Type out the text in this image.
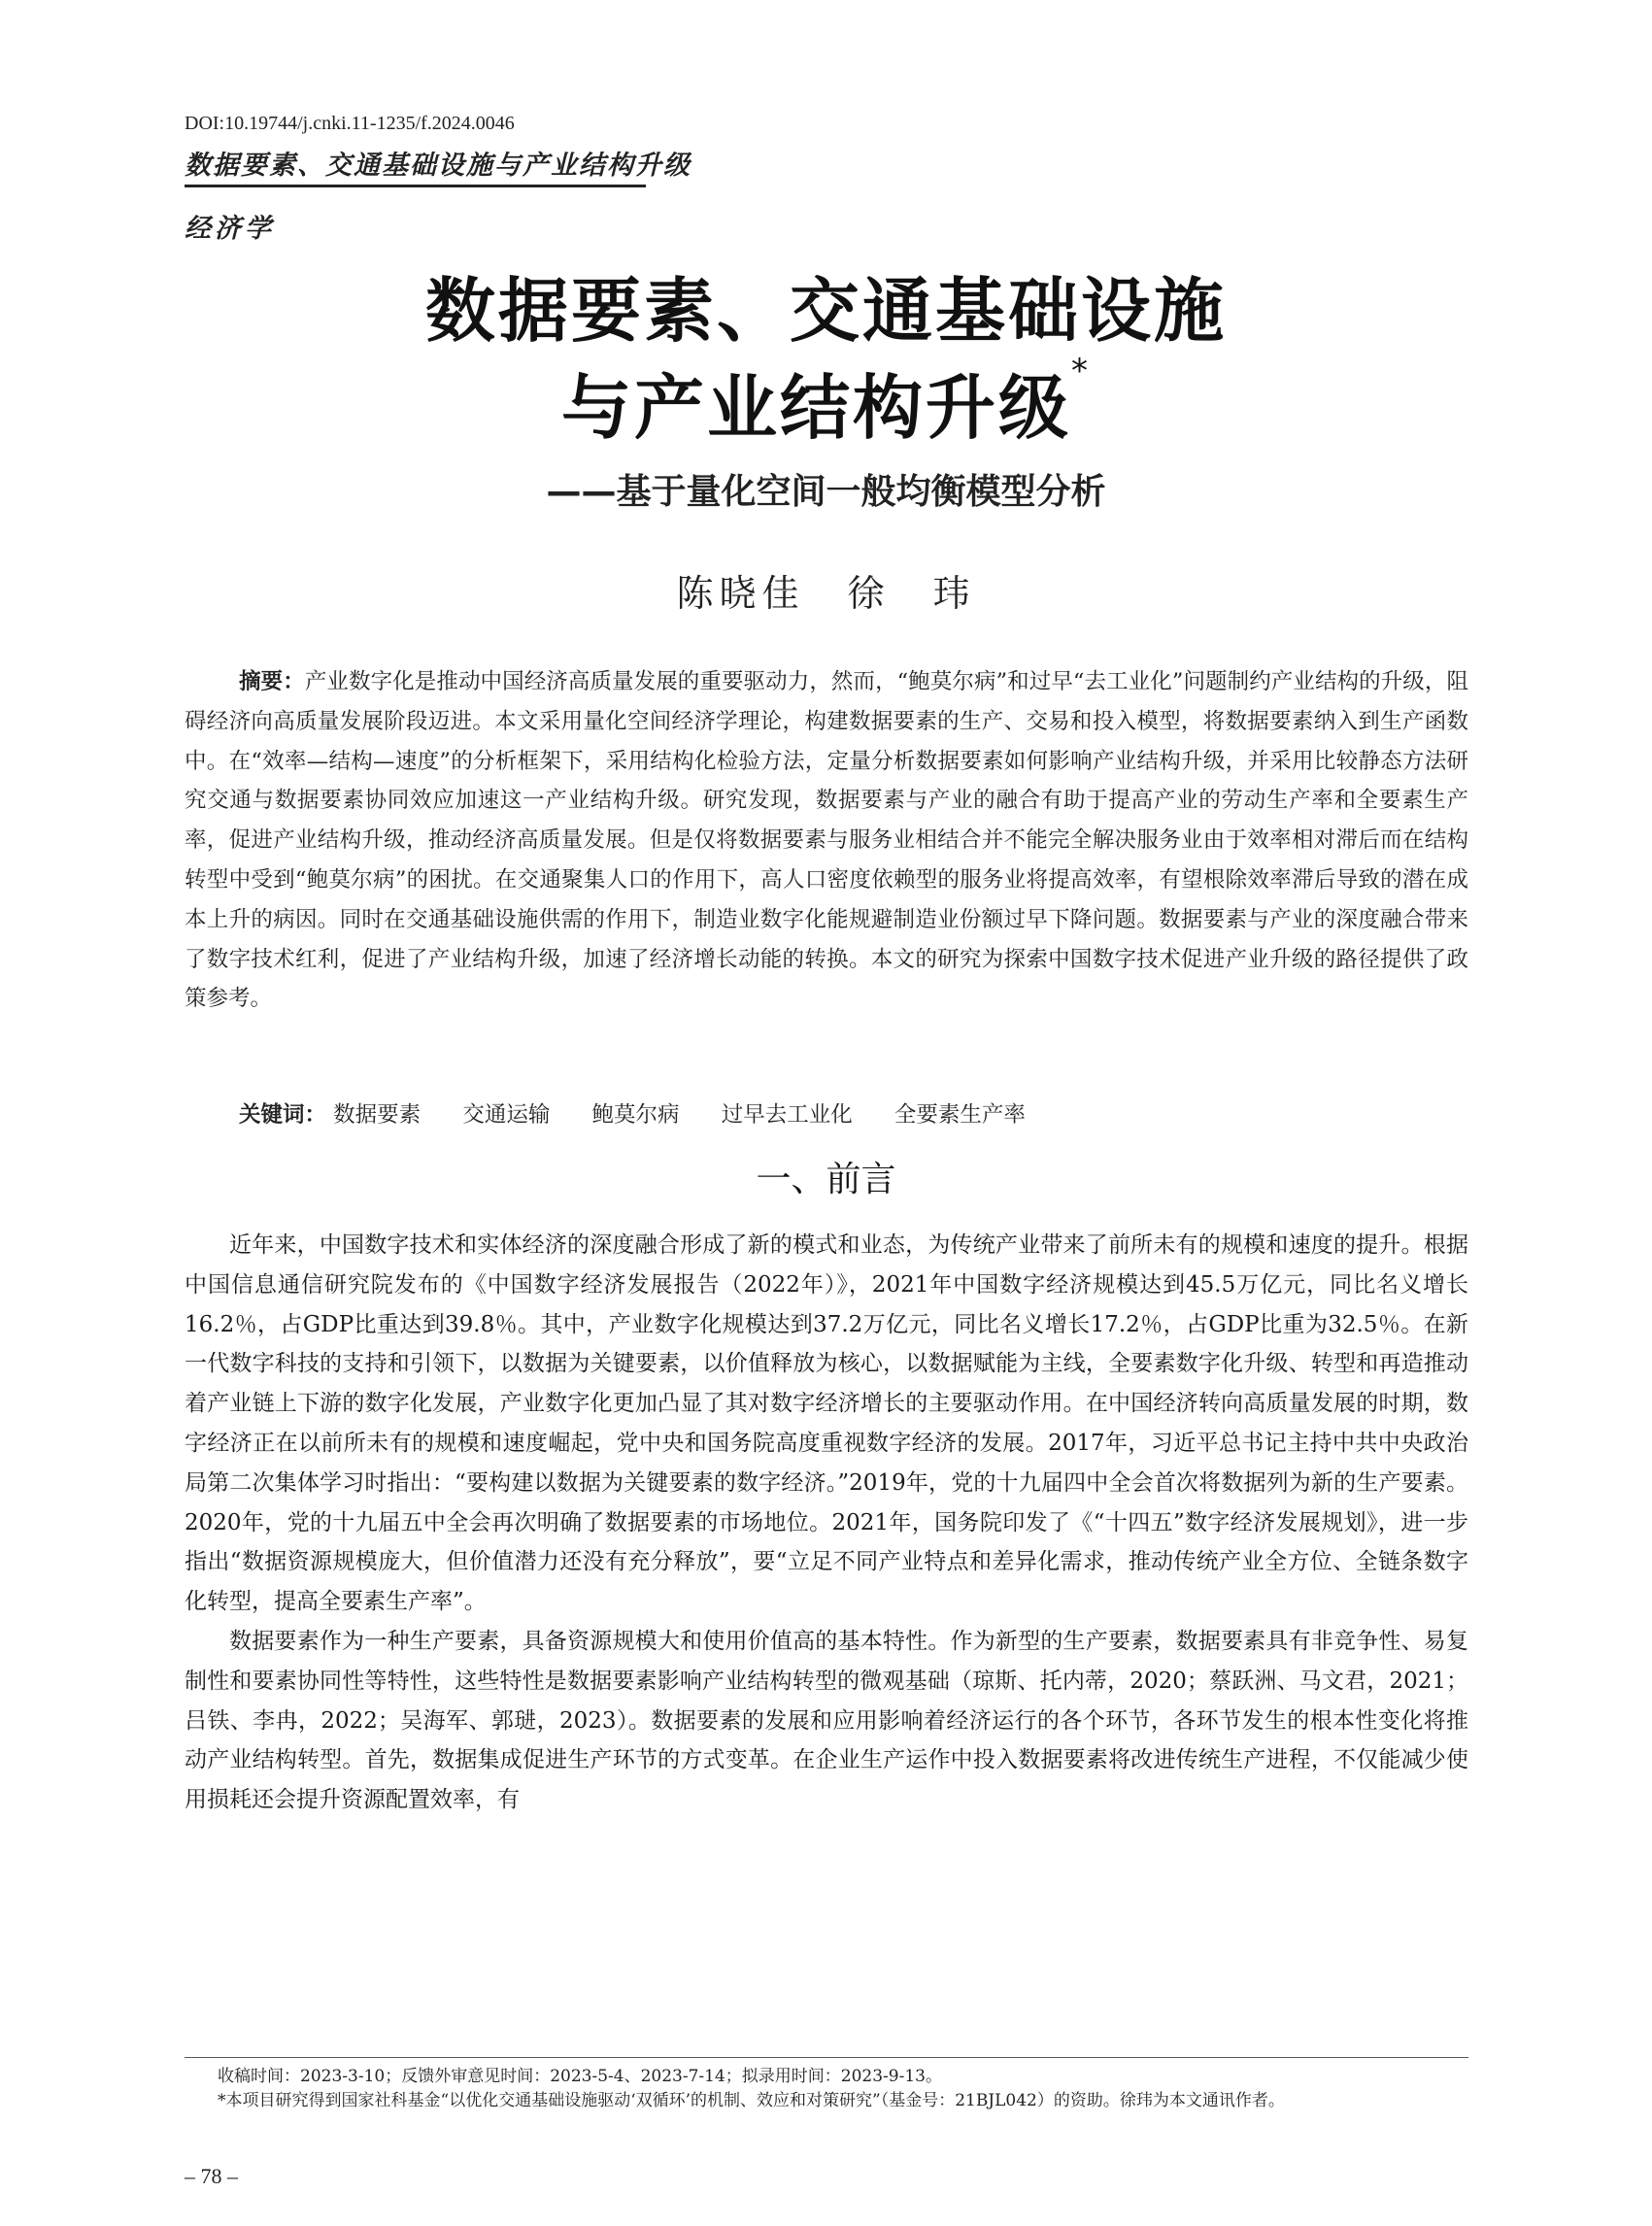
DOI:10.19744/j.cnki.11-1235/f.2024.0046
数据要素、交通基础设施与产业结构升级
经济学
数据要素、交通基础设施
与产业结构升级*
——基于量化空间一般均衡模型分析
陈晓佳　徐　玮
摘要：产业数字化是推动中国经济高质量发展的重要驱动力，然而，“鲍莫尔病”和过早“去工业化”问题制约产业结构的升级，阻碍经济向高质量发展阶段迈进。本文采用量化空间经济学理论，构建数据要素的生产、交易和投入模型，将数据要素纳入到生产函数中。在“效率—结构—速度”的分析框架下，采用结构化检验方法，定量分析数据要素如何影响产业结构升级，并采用比较静态方法研究交通与数据要素协同效应加速这一产业结构升级。研究发现，数据要素与产业的融合有助于提高产业的劳动生产率和全要素生产率，促进产业结构升级，推动经济高质量发展。但是仅将数据要素与服务业相结合并不能完全解决服务业由于效率相对滞后而在结构转型中受到“鲍莫尔病”的困扰。在交通聚集人口的作用下，高人口密度依赖型的服务业将提高效率，有望根除效率滞后导致的潜在成本上升的病因。同时在交通基础设施供需的作用下，制造业数字化能规避制造业份额过早下降问题。数据要素与产业的深度融合带来了数字技术红利，促进了产业结构升级，加速了经济增长动能的转换。本文的研究为探索中国数字技术促进产业升级的路径提供了政策参考。
关键词： 数据要素 交通运输 鲍莫尔病 过早去工业化 全要素生产率
一、前言

近年来，中国数字技术和实体经济的深度融合形成了新的模式和业态，为传统产业带来了前所未有的规模和速度的提升。根据中国信息通信研究院发布的《中国数字经济发展报告（2022年）》，2021年中国数字经济规模达到45.5万亿元，同比名义增长16.2％，占GDP比重达到39.8％。其中，产业数字化规模达到37.2万亿元，同比名义增长17.2％，占GDP比重为32.5％。在新一代数字科技的支持和引领下，以数据为关键要素，以价值释放为核心，以数据赋能为主线，全要素数字化升级、转型和再造推动着产业链上下游的数字化发展，产业数字化更加凸显了其对数字经济增长的主要驱动作用。在中国经济转向高质量发展的时期，数字经济正在以前所未有的规模和速度崛起，党中央和国务院高度重视数字经济的发展。2017年，习近平总书记主持中共中央政治局第二次集体学习时指出：“要构建以数据为关键要素的数字经济。”2019年，党的十九届四中全会首次将数据列为新的生产要素。2020年，党的十九届五中全会再次明确了数据要素的市场地位。2021年，国务院印发了《“十四五”数字经济发展规划》，进一步指出“数据资源规模庞大，但价值潜力还没有充分释放”，要“立足不同产业特点和差异化需求，推动传统产业全方位、全链条数字化转型，提高全要素生产率”。

数据要素作为一种生产要素，具备资源规模大和使用价值高的基本特性。作为新型的生产要素，数据要素具有非竞争性、易复制性和要素协同性等特性，这些特性是数据要素影响产业结构转型的微观基础（琼斯、托内蒂，2020；蔡跃洲、马文君，2021；吕铁、李冉，2022；吴海军、郭琎，2023）。数据要素的发展和应用影响着经济运行的各个环节，各环节发生的根本性变化将推动产业结构转型。首先，数据集成促进生产环节的方式变革。在企业生产运作中投入数据要素将改进传统生产进程，不仅能减少使用损耗还会提升资源配置效率，有

收稿时间：2023-3-10；反馈外审意见时间：2023-5-4、2023-7-14；拟录用时间：2023-9-13。

*本项目研究得到国家社科基金“以优化交通基础设施驱动‘双循环’的机制、效应和对策研究”（基金号：21BJL042）的资助。徐玮为本文通讯作者。

– 78 –
